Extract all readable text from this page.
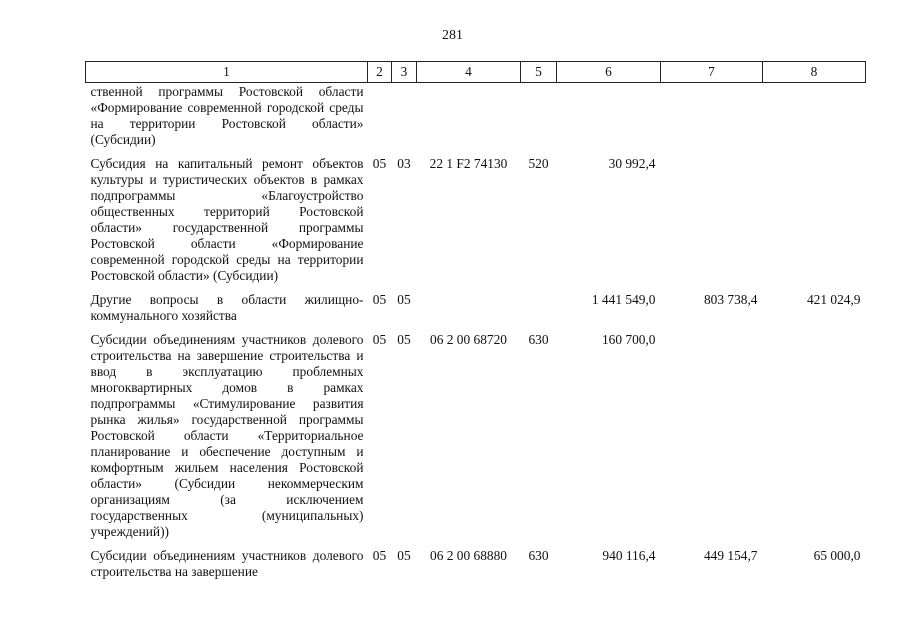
281
1	2	3	4	5	6	7	8
ственной программы Ростовской области «Формирование современной городской среды на территории Ростовской области» (Субсидии)							
Субсидия на капитальный ремонт объектов культуры и туристических объектов в рамках подпрограммы «Благоустройство общественных территорий Ростовской области» государственной программы Ростовской области «Формирование современной городской среды на территории Ростовской области» (Субсидии)	05	03	22 1 F2 74130	520	30 992,4		
Другие вопросы в области жилищно-коммунального хозяйства	05	05			1 441 549,0	803 738,4	421 024,9
Субсидии объединениям участников долевого строительства на завершение строительства и ввод в эксплуатацию проблемных многоквартирных домов в рамках подпрограммы «Стимулирование развития рынка жилья» государственной программы Ростовской области «Территориальное планирование и обеспечение доступным и комфортным жильем населения Ростовской области» (Субсидии некоммерческим организациям (за исключением государственных (муниципальных) учреждений))	05	05	06 2 00 68720	630	160 700,0		
Субсидии объединениям участников долевого строительства на завершение	05	05	06 2 00 68880	630	940 116,4	449 154,7	65 000,0
